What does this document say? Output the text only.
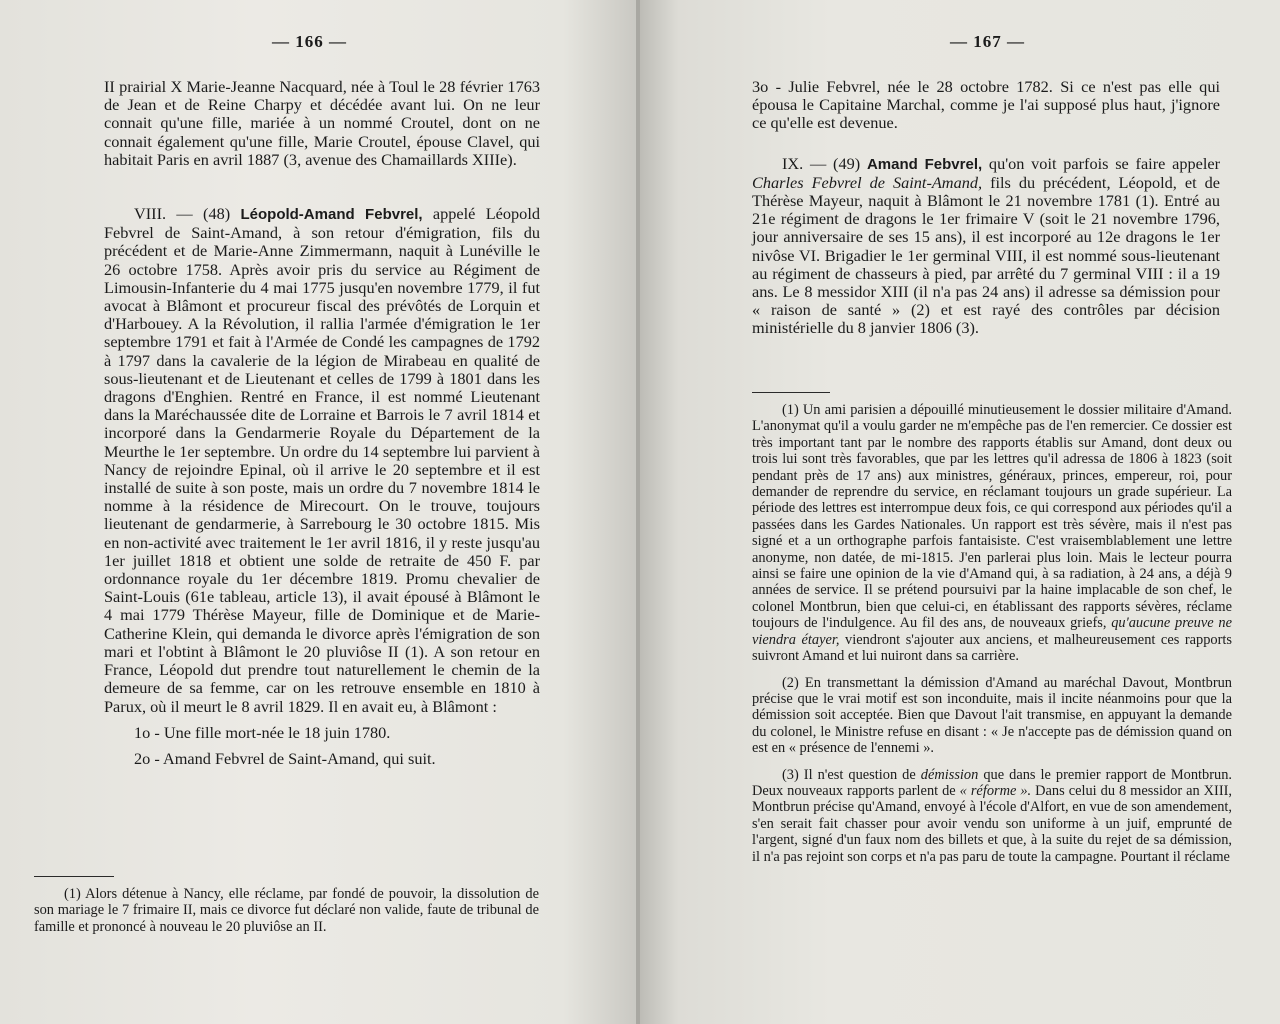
— 166 —

II prairial X Marie-Jeanne Nacquard, née à Toul le 28 février 1763 de Jean et de Reine Charpy et décédée avant lui. On ne leur connait qu'une fille, mariée à un nommé Croutel, dont on ne connait également qu'une fille, Marie Croutel, épouse Clavel, qui habitait Paris en avril 1887 (3, avenue des Chamaillards XIIIe).

VIII. — (48) Léopold-Amand Febvrel, appelé Léopold Febvrel de Saint-Amand, à son retour d'émigration, fils du précédent et de Marie-Anne Zimmermann, naquit à Lunéville le 26 octobre 1758. Après avoir pris du service au Régiment de Limousin-Infanterie du 4 mai 1775 jusqu'en novembre 1779, il fut avocat à Blâmont et procureur fiscal des prévôtés de Lorquin et d'Harbouey. A la Révolution, il rallia l'armée d'émigration le 1er septembre 1791 et fait à l'Armée de Condé les campagnes de 1792 à 1797 dans la cavalerie de la légion de Mirabeau en qualité de sous-lieutenant et de Lieutenant et celles de 1799 à 1801 dans les dragons d'Enghien. Rentré en France, il est nommé Lieutenant dans la Maréchaussée dite de Lorraine et Barrois le 7 avril 1814 et incorporé dans la Gendarmerie Royale du Département de la Meurthe le 1er septembre. Un ordre du 14 septembre lui parvient à Nancy de rejoindre Epinal, où il arrive le 20 septembre et il est installé de suite à son poste, mais un ordre du 7 novembre 1814 le nomme à la résidence de Mirecourt. On le trouve, toujours lieutenant de gendarmerie, à Sarrebourg le 30 octobre 1815. Mis en non-activité avec traitement le 1er avril 1816, il y reste jusqu'au 1er juillet 1818 et obtient une solde de retraite de 450 F. par ordonnance royale du 1er décembre 1819. Promu chevalier de Saint-Louis (61e tableau, article 13), il avait épousé à Blâmont le 4 mai 1779 Thérèse Mayeur, fille de Dominique et de Marie-Catherine Klein, qui demanda le divorce après l'émigration de son mari et l'obtint à Blâmont le 20 pluviôse II (1). A son retour en France, Léopold dut prendre tout naturellement le chemin de la demeure de sa femme, car on les retrouve ensemble en 1810 à Parux, où il meurt le 8 avril 1829. Il en avait eu, à Blâmont :

1o - Une fille mort-née le 18 juin 1780.

2o - Amand Febvrel de Saint-Amand, qui suit.

(1) Alors détenue à Nancy, elle réclame, par fondé de pouvoir, la dissolution de son mariage le 7 frimaire II, mais ce divorce fut déclaré non valide, faute de tribunal de famille et prononcé à nouveau le 20 pluviôse an II.

— 167 —

3o - Julie Febvrel, née le 28 octobre 1782. Si ce n'est pas elle qui épousa le Capitaine Marchal, comme je l'ai supposé plus haut, j'ignore ce qu'elle est devenue.

IX. — (49) Amand Febvrel, qu'on voit parfois se faire appeler Charles Febvrel de Saint-Amand, fils du précédent, Léopold, et de Thérèse Mayeur, naquit à Blâmont le 21 novembre 1781 (1). Entré au 21e régiment de dragons le 1er frimaire V (soit le 21 novembre 1796, jour anniversaire de ses 15 ans), il est incorporé au 12e dragons le 1er nivôse VI. Brigadier le 1er germinal VIII, il est nommé sous-lieutenant au régiment de chasseurs à pied, par arrêté du 7 germinal VIII : il a 19 ans. Le 8 messidor XIII (il n'a pas 24 ans) il adresse sa démission pour « raison de santé » (2) et est rayé des contrôles par décision ministérielle du 8 janvier 1806 (3).

(1) Un ami parisien a dépouillé minutieusement le dossier militaire d'Amand. L'anonymat qu'il a voulu garder ne m'empêche pas de l'en remercier. Ce dossier est très important tant par le nombre des rapports établis sur Amand, dont deux ou trois lui sont très favorables, que par les lettres qu'il adressa de 1806 à 1823 (soit pendant près de 17 ans) aux ministres, généraux, princes, empereur, roi, pour demander de reprendre du service, en réclamant toujours un grade supérieur. La période des lettres est interrompue deux fois, ce qui correspond aux périodes qu'il a passées dans les Gardes Nationales. Un rapport est très sévère, mais il n'est pas signé et a un orthographe parfois fantaisiste. C'est vraisemblablement une lettre anonyme, non datée, de mi-1815. J'en parlerai plus loin. Mais le lecteur pourra ainsi se faire une opinion de la vie d'Amand qui, à sa radiation, à 24 ans, a déjà 9 années de service. Il se prétend poursuivi par la haine implacable de son chef, le colonel Montbrun, bien que celui-ci, en établissant des rapports sévères, réclame toujours de l'indulgence. Au fil des ans, de nouveaux griefs, qu'aucune preuve ne viendra étayer, viendront s'ajouter aux anciens, et malheureusement ces rapports suivront Amand et lui nuiront dans sa carrière.

(2) En transmettant la démission d'Amand au maréchal Davout, Montbrun précise que le vrai motif est son inconduite, mais il incite néanmoins pour que la démission soit acceptée. Bien que Davout l'ait transmise, en appuyant la demande du colonel, le Ministre refuse en disant : « Je n'accepte pas de démission quand on est en « présence de l'ennemi ».

(3) Il n'est question de démission que dans le premier rapport de Montbrun. Deux nouveaux rapports parlent de « réforme ». Dans celui du 8 messidor an XIII, Montbrun précise qu'Amand, envoyé à l'école d'Alfort, en vue de son amendement, s'en serait fait chasser pour avoir vendu son uniforme à un juif, emprunté de l'argent, signé d'un faux nom des billets et que, à la suite du rejet de sa démission, il n'a pas rejoint son corps et n'a pas paru de toute la campagne. Pourtant il réclame
